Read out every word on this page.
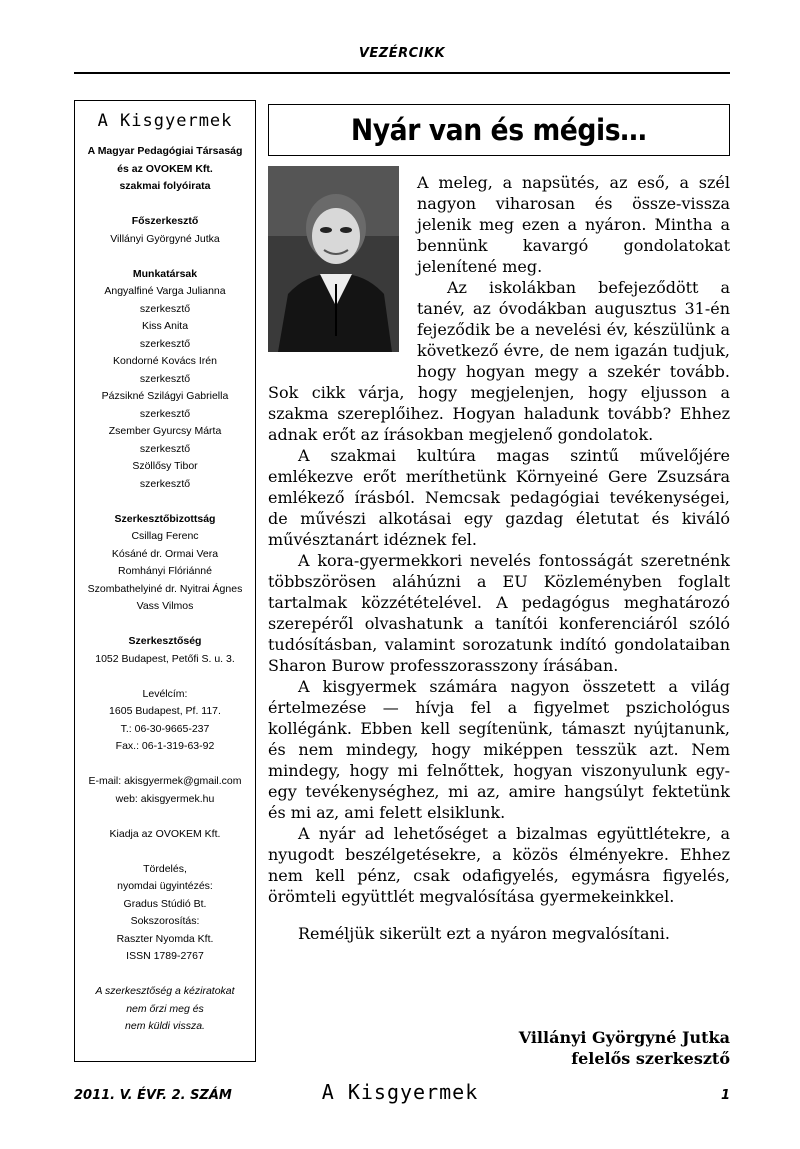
VEZÉRCIKK
A Kisgyermek
A Magyar Pedagógiai Társaság
és az OVOKEM Kft.
szakmai folyóirata
Főszerkesztő
Villányi Györgyné Jutka
Munkatársak
Angyalfiné Varga Julianna
szerkesztő
Kiss Anita
szerkesztő
Kondorné Kovács Irén
szerkesztő
Pázsikné Szilágyi Gabriella
szerkesztő
Zsember Gyurcsy Márta
szerkesztő
Szöllősy Tibor
szerkesztő
Szerkesztőbizottság
Csillag Ferenc
Kósáné dr. Ormai Vera
Romhányi Flóriánné
Szombathelyiné dr. Nyitrai Ágnes
Vass Vilmos
Szerkesztőség
1052 Budapest, Petőfi S. u. 3.
Levélcím:
1605 Budapest, Pf. 117.
T.: 06-30-9665-237
Fax.: 06-1-319-63-92
E-mail: akisgyermek@gmail.com
web: akisgyermek.hu
Kiadja az OVOKEM Kft.
Tördelés,
nyomdai ügyintézés:
Gradus Stúdió Bt.
Sokszorosítás:
Raszter Nyomda Kft.
ISSN 1789-2767
A szerkesztőség a kéziratokat
nem őrzi meg és
nem küldi vissza.
Nyár van és mégis…

A meleg, a napsütés, az eső, a szél nagyon viharosan és össze-vissza jelenik meg ezen a nyáron. Mintha a bennünk kavargó gondolatokat jelenítené meg.

Az iskolákban befejeződött a tanév, az óvodákban augusztus 31-én fejeződik be a nevelési év, készülünk a következő évre, de nem igazán tudjuk, hogy hogyan megy a szekér tovább. Sok cikk várja, hogy megjelenjen, hogy eljusson a szakma szereplőihez. Hogyan haladunk tovább? Ehhez adnak erőt az írásokban megjelenő gondolatok.

A szakmai kultúra magas szintű művelőjére emlékezve erőt meríthetünk Környeiné Gere Zsuzsára emlékező írásból. Nemcsak pedagógiai tevékenységei, de művészi alkotásai egy gazdag életutat és kiváló művésztanárt idéznek fel.

A kora-gyermekkori nevelés fontosságát szeretnénk többszörösen aláhúzni a EU Közleményben foglalt tartalmak közzétételével. A pedagógus meghatározó szerepéről olvashatunk a tanítói konferenciáról szóló tudósításban, valamint sorozatunk indító gondolataiban Sharon Burow professzorasszony írásában.

A kisgyermek számára nagyon összetett a világ értelmezése — hívja fel a figyelmet pszichológus kollégánk. Ebben kell segítenünk, támaszt nyújtanunk, és nem mindegy, hogy miképpen tesszük azt. Nem mindegy, hogy mi felnőttek, hogyan viszonyulunk egy-egy tevékenységhez, mi az, amire hangsúlyt fektetünk és mi az, ami felett elsiklunk.

A nyár ad lehetőséget a bizalmas együttlétekre, a nyugodt beszélgetésekre, a közös élményekre. Ehhez nem kell pénz, csak odafigyelés, egymásra figyelés, örömteli együttlét megvalósítása gyermekeinkkel.

Reméljük sikerült ezt a nyáron megvalósítani.

Villányi Györgyné Jutka
felelős szerkesztő
2011. V. ÉVF. 2. SZÁM	A Kisgyermek	1
